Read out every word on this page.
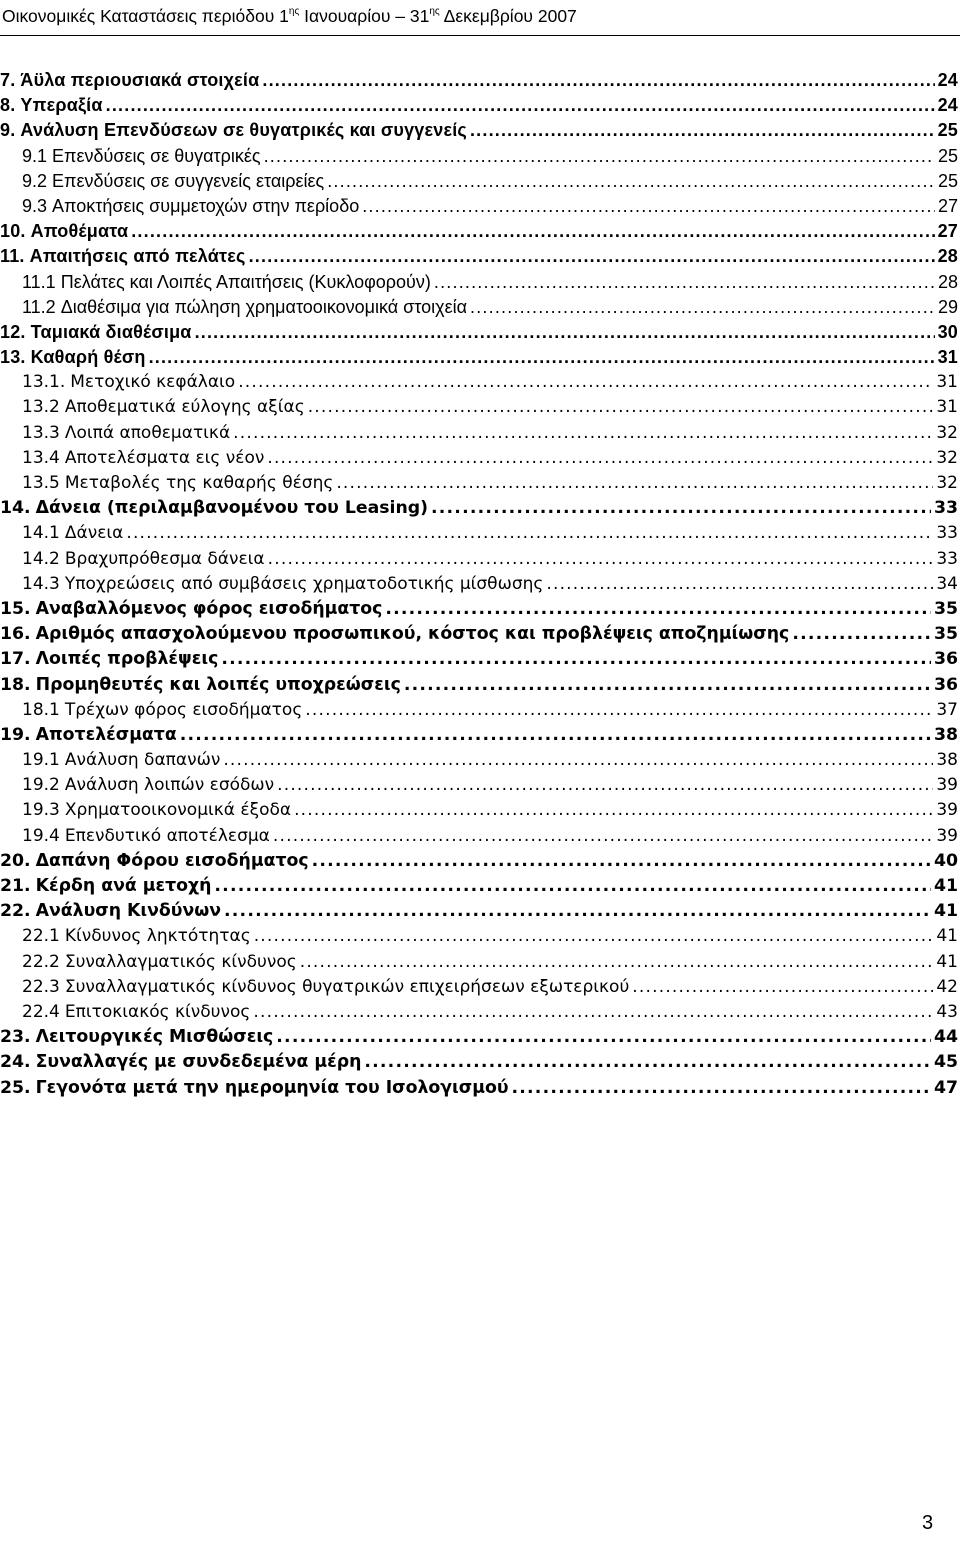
Οικονομικές Καταστάσεις περιόδου $1^{\eta\varsigma}$ Ιανουαρίου – $31^{\eta\varsigma}$ Δεκεμβρίου 2007
7. Άϋλα περιουσιακά στοιχεία .....	24
8. Υπεραξία .....	24
9. Ανάλυση Επενδύσεων σε θυγατρικές και συγγενείς .....	25
9.1 Επενδύσεις σε θυγατρικές .....	25
9.2 Επενδύσεις σε συγγενείς εταιρείες .....	25
9.3 Αποκτήσεις συμμετοχών στην περίοδο .....	27
10. Αποθέματα .....	27
11. Απαιτήσεις από πελάτες .....	28
11.1 Πελάτες και Λοιπές Απαιτήσεις (Κυκλοφορούν) .....	28
11.2 Διαθέσιμα για πώληση χρηματοοικονομικά στοιχεία .....	29
12. Ταμιακά διαθέσιμα .....	30
13. Καθαρή θέση .....	31
13.1. Μετοχικό κεφάλαιο .....	31
13.2 Αποθεματικά εύλογης αξίας .....	31
13.3 Λοιπά αποθεματικά .....	32
13.4 Αποτελέσματα εις νέον .....	32
13.5 Μεταβολές της καθαρής θέσης .....	32
14. Δάνεια (περιλαμβανομένου του Leasing) .....	33
14.1 Δάνεια .....	33
14.2 Βραχυπρόθεσμα δάνεια .....	33
14.3 Υποχρεώσεις από συμβάσεις χρηματοδοτικής μίσθωσης .....	34
15. Αναβαλλόμενος φόρος εισοδήματος .....	35
16. Αριθμός απασχολούμενου προσωπικού, κόστος και προβλέψεις αποζημίωσης .....	35
17. Λοιπές προβλέψεις .....	36
18. Προμηθευτές και λοιπές υποχρεώσεις .....	36
18.1 Τρέχων φόρος εισοδήματος .....	37
19. Αποτελέσματα .....	38
19.1 Ανάλυση δαπανών .....	38
19.2 Ανάλυση λοιπών εσόδων .....	39
19.3 Χρηματοοικονομικά έξοδα .....	39
19.4 Επενδυτικό αποτέλεσμα .....	39
20. Δαπάνη Φόρου εισοδήματος .....	40
21. Κέρδη ανά μετοχή .....	41
22. Ανάλυση Κινδύνων .....	41
22.1 Κίνδυνος ληκτότητας .....	41
22.2 Συναλλαγματικός κίνδυνος .....	41
22.3 Συναλλαγματικός κίνδυνος θυγατρικών επιχειρήσεων εξωτερικού .....	42
22.4 Επιτοκιακός κίνδυνος .....	43
23. Λειτουργικές Μισθώσεις .....	44
24. Συναλλαγές με συνδεδεμένα μέρη .....	45
25. Γεγονότα μετά την ημερομηνία του Ισολογισμού .....	47
3
